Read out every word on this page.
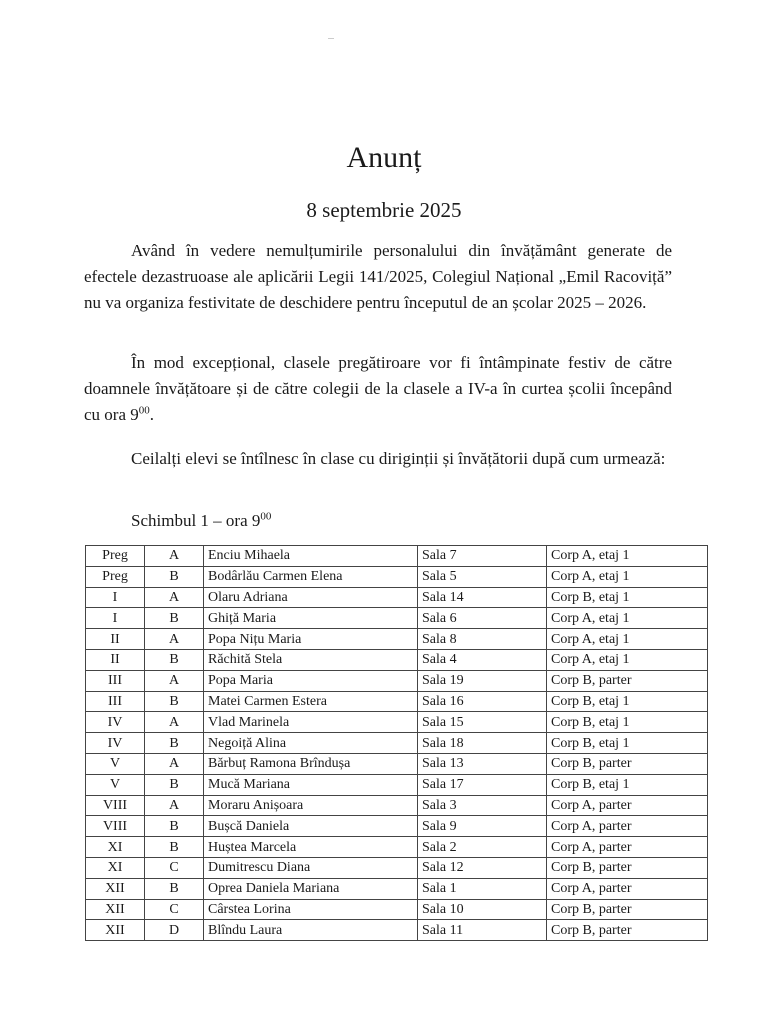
Anunț
8 septembrie 2025

Având în vedere nemulțumirile personalului din învățământ generate de efectele dezastruoase ale aplicării Legii 141/2025, Colegiul Național „Emil Racoviță” nu va organiza festivitate de deschidere pentru începutul de an școlar 2025 – 2026.

În mod excepțional, clasele pregătiroare vor fi întâmpinate festiv de către doamnele învățătoare și de către colegii de la clasele a IV-a în curtea școlii începând cu ora $9^{00}$.

Ceilalți elevi se întîlnesc în clase cu diriginții și învățătorii după cum urmează:

Schimbul 1 – ora $9^{00}$
Preg	A	Enciu Mihaela	Sala 7	Corp A, etaj 1
Preg	B	Bodârlău Carmen Elena	Sala 5	Corp A, etaj 1
I	A	Olaru Adriana	Sala 14	Corp B, etaj 1
I	B	Ghiță Maria	Sala 6	Corp A, etaj 1
II	A	Popa Nițu Maria	Sala 8	Corp A, etaj 1
II	B	Răchită Stela	Sala 4	Corp A, etaj 1
III	A	Popa Maria	Sala 19	Corp B, parter
III	B	Matei Carmen Estera	Sala 16	Corp B, etaj 1
IV	A	Vlad Marinela	Sala 15	Corp B, etaj 1
IV	B	Negoiță Alina	Sala 18	Corp B, etaj 1
V	A	Bărbuț Ramona Brîndușa	Sala 13	Corp B, parter
V	B	Mucă Mariana	Sala 17	Corp B, etaj 1
VIII	A	Moraru Anișoara	Sala 3	Corp A, parter
VIII	B	Bușcă Daniela	Sala 9	Corp A, parter
XI	B	Huștea Marcela	Sala 2	Corp A, parter
XI	C	Dumitrescu Diana	Sala 12	Corp B, parter
XII	B	Oprea Daniela Mariana	Sala 1	Corp A, parter
XII	C	Cârstea Lorina	Sala 10	Corp B, parter
XII	D	Blîndu Laura	Sala 11	Corp B, parter
